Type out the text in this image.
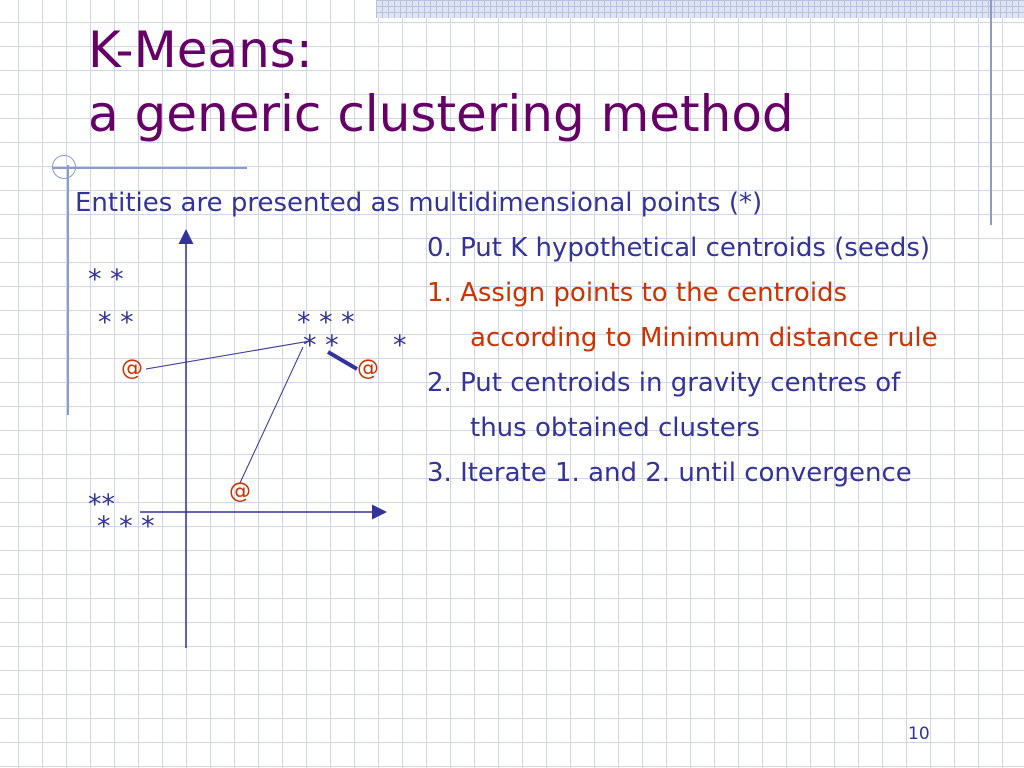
K-Means:
a generic clustering method
Entities are presented as multidimensional points (*)
0. Put K hypothetical centroids (seeds)
1. Assign points to the centroids
according to Minimum distance rule
2. Put centroids in gravity centres of
thus obtained clusters
3. Iterate 1. and 2. until convergence
* *
* *	* * *
* * *
**
* * *
@	@
@
10
